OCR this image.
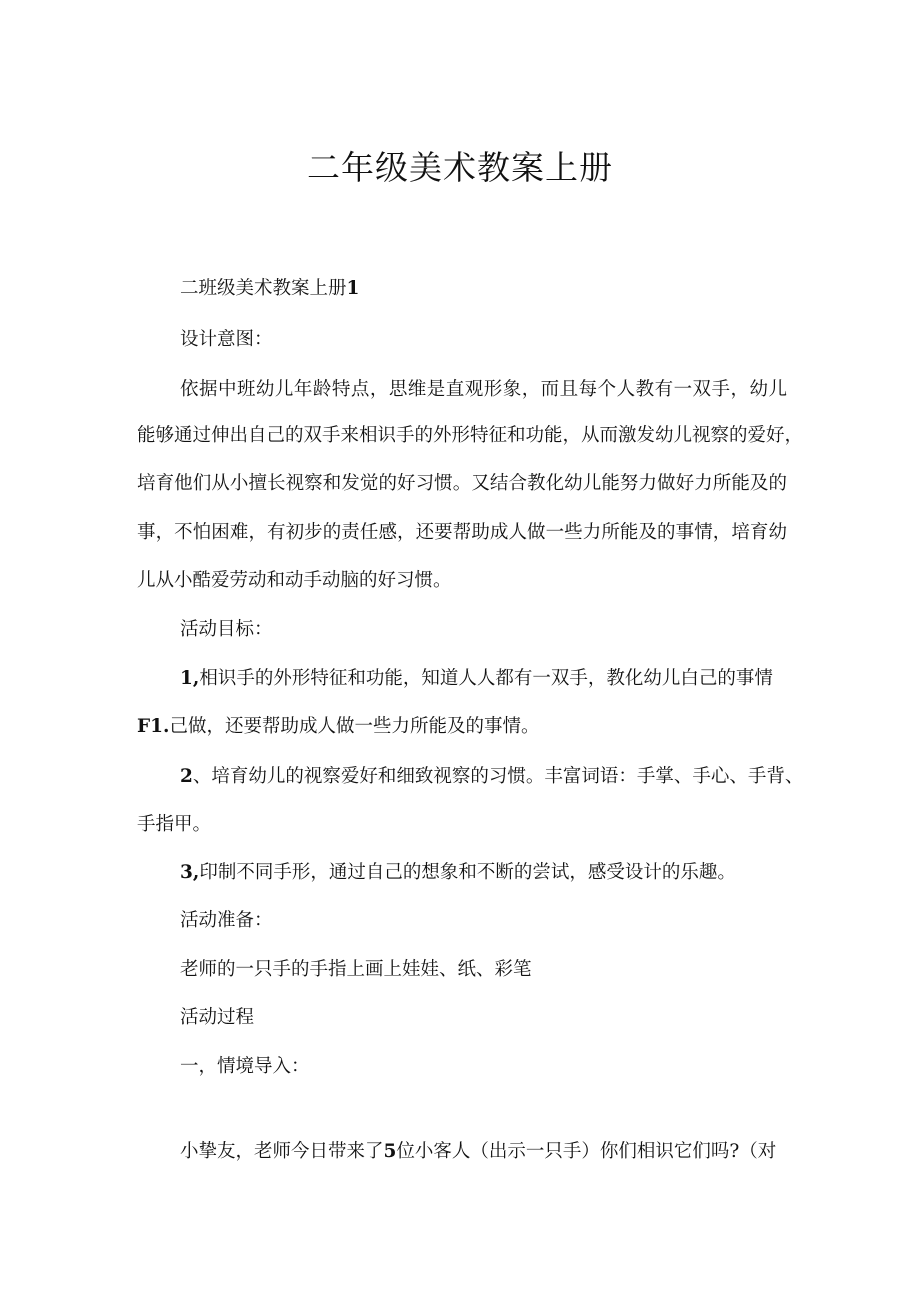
二年级美术教案上册
二班级美术教案上册1
设计意图：
依据中班幼儿年龄特点，思维是直观形象，而且每个人教有一双手，幼儿
能够通过伸出自己的双手来相识手的外形特征和功能，从而激发幼儿视察的爱好，
培育他们从小擅长视察和发觉的好习惯。又结合教化幼儿能努力做好力所能及的
事，不怕困难，有初步的责任感，还要帮助成人做一些力所能及的事情，培育幼
儿从小酷爱劳动和动手动脑的好习惯。
活动目标：
1,相识手的外形特征和功能，知道人人都有一双手，教化幼儿白己的事情
F1.己做，还要帮助成人做一些力所能及的事情。
2、培育幼儿的视察爱好和细致视察的习惯。丰富词语：手掌、手心、手背、
手指甲。
3,印制不同手形，通过自己的想象和不断的尝试，感受设计的乐趣。
活动准备：
老师的一只手的手指上画上娃娃、纸、彩笔
活动过程
一，情境导入：
小挚友，老师今日带来了5位小客人（出示一只手）你们相识它们吗?（对
